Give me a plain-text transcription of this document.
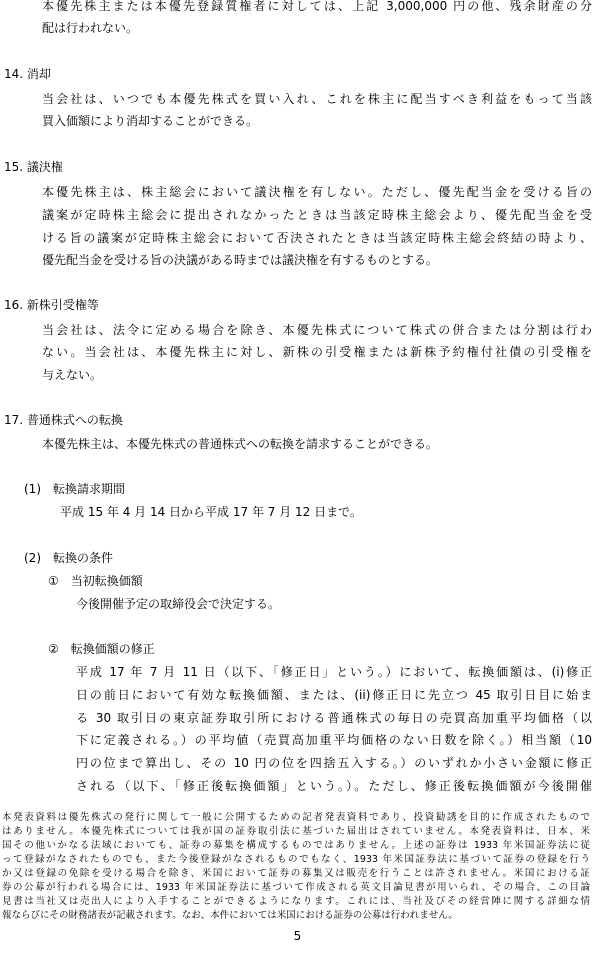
本優先株主または本優先登録質権者に対しては、上記 3,000,000 円の他、残余財産の分
配は行われない。
14. 消却
当会社は、いつでも本優先株式を買い入れ、これを株主に配当すべき利益をもって当該
買入価額により消却することができる。
15. 議決権
本優先株主は、株主総会において議決権を有しない。ただし、優先配当金を受ける旨の
議案が定時株主総会に提出されなかったときは当該定時株主総会より、優先配当金を受
ける旨の議案が定時株主総会において否決されたときは当該定時株主総会終結の時より、
優先配当金を受ける旨の決議がある時までは議決権を有するものとする。
16. 新株引受権等
当会社は、法令に定める場合を除き、本優先株式について株式の併合または分割は行わ
ない。当会社は、本優先株主に対し、新株の引受権または新株予約権付社債の引受権を
与えない。
17. 普通株式への転換
本優先株主は、本優先株式の普通株式への転換を請求することができる。
(1)　転換請求期間
平成 15 年 4 月 14 日から平成 17 年 7 月 12 日まで。
(2)　転換の条件
①　当初転換価額
今後開催予定の取締役会で決定する。
②　転換価額の修正
平成 17 年 7 月 11 日（以下、「修正日」という。）において、転換価額は、(i)修正
日の前日において有効な転換価額、または、(ii)修正日に先立つ 45 取引日目に始ま
る 30 取引日の東京証券取引所における普通株式の毎日の売買高加重平均価格（以
下に定義される。）の平均値（売買高加重平均価格のない日数を除く。）相当額（10
円の位まで算出し、その 10 円の位を四捨五入する。）のいずれか小さい金額に修正
される（以下、「修正後転換価額」という。）。ただし、修正後転換価額が今後開催
本発表資料は優先株式の発行に関して一般に公開するための記者発表資料であり、投資勧誘を目的に作成されたもので
はありません。本優先株式については我が国の証券取引法に基づいた届出はされていません。本発表資料は、日本、米
国その他いかなる法域においても、証券の募集を構成するものではありません。上述の証券は 1933 年米国証券法に従
って登録がなされたものでも、また今後登録がなされるものでもなく、1933 年米国証券法に基づいて証券の登録を行う
か又は登録の免除を受ける場合を除き、米国において証券の募集又は販売を行うことは許されません。米国における証
券の公募が行われる場合には、1933 年米国証券法に基づいて作成される英文目論見書が用いられ、その場合、この目論
見書は当社又は売出人により入手することができるようになります。これには、当社及びその経営陣に関する詳細な情
報ならびにその財務諸表が記載されます。なお、本件においては米国における証券の公募は行われません。
5
